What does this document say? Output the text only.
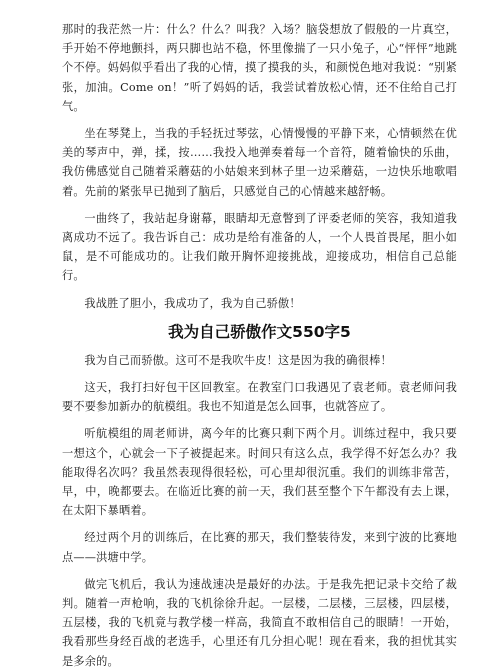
那时的我茫然一片：什么？什么？叫我？入场？脑袋想放了假般的一片真空，手开始不停地颤抖，两只脚也站不稳，怀里像揣了一只小兔子，心“怦怦”地跳个不停。妈妈似乎看出了我的心情，摸了摸我的头，和颜悦色地对我说：“别紧张，加油。Come on！”听了妈妈的话，我尝试着放松心情，还不住给自己打气。

坐在琴凳上，当我的手轻抚过琴弦，心情慢慢的平静下来，心情顿然在优美的琴声中，弹，揉，按……我投入地弹奏着每一个音符，随着愉快的乐曲，我仿佛感觉自己随着采蘑菇的小姑娘来到林子里一边采蘑菇，一边快乐地歌唱着。先前的紧张早已抛到了脑后，只感觉自己的心情越来越舒畅。

一曲终了，我站起身谢幕，眼睛却无意瞥到了评委老师的笑容，我知道我离成功不远了。我告诉自己：成功是给有准备的人，一个人畏首畏尾，胆小如鼠，是不可能成功的。让我们敞开胸怀迎接挑战，迎接成功，相信自己总能行。

我战胜了胆小，我成功了，我为自己骄傲！

我为自己骄傲作文550字5

我为自己而骄傲。这可不是我吹牛皮！这是因为我的确很棒！

这天，我打扫好包干区回教室。在教室门口我遇见了袁老师。袁老师问我要不要参加新办的航模组。我也不知道是怎么回事，也就答应了。

听航模组的周老师讲，离今年的比赛只剩下两个月。训练过程中，我只要一想这个，心就会一下子被提起来。时间只有这么点，我学得不好怎么办？我能取得名次吗？我虽然表现得很轻松，可心里却很沉重。我们的训练非常苦，早，中，晚都要去。在临近比赛的前一天，我们甚至整个下午都没有去上课，在太阳下暴晒着。

经过两个月的训练后，在比赛的那天，我们整装待发，来到宁波的比赛地点——洪塘中学。

做完飞机后，我认为速战速决是最好的办法。于是我先把记录卡交给了裁判。随着一声枪响，我的飞机徐徐升起。一层楼，二层楼，三层楼，四层楼，五层楼，我的飞机竟与教学楼一样高，我简直不敢相信自己的眼睛！一开始，我看那些身经百战的老选手，心里还有几分担心呢！现在看来，我的担忧其实是多余的。
